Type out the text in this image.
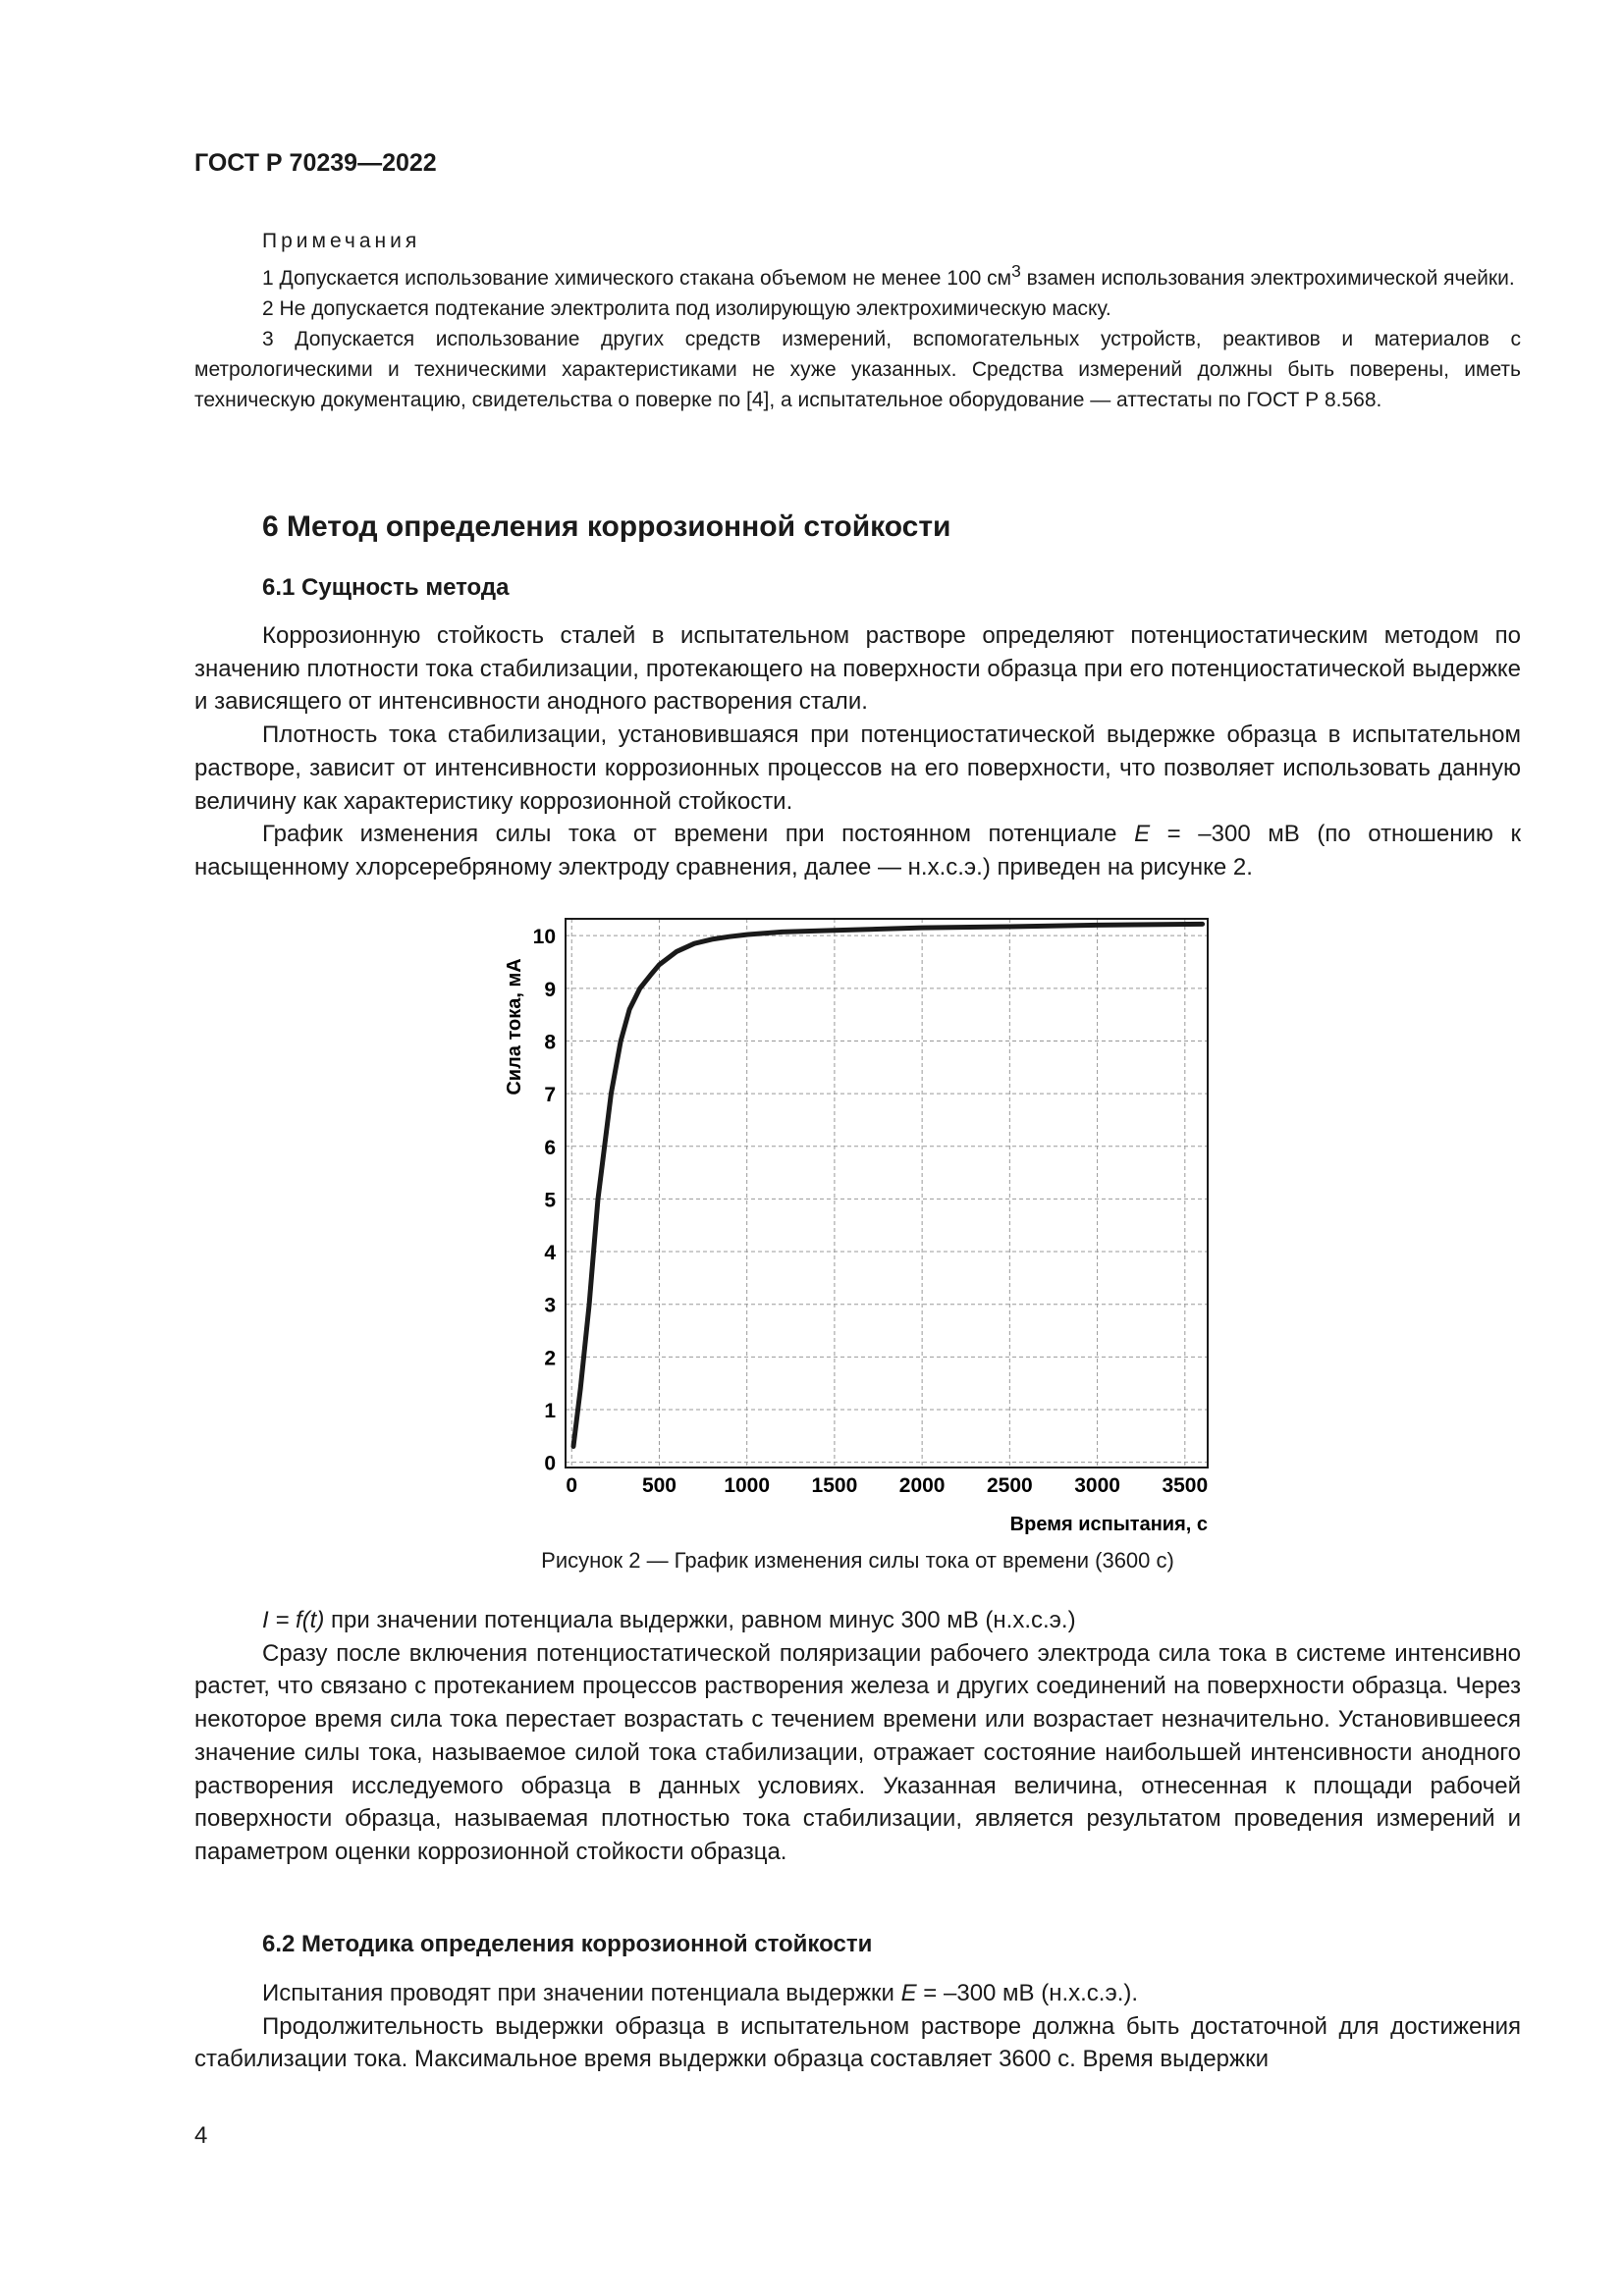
ГОСТ Р 70239—2022

Примечания

1 Допускается использование химического стакана объемом не менее 100 $см^3$ взамен использования электрохимической ячейки.

2 Не допускается подтекание электролита под изолирующую электрохимическую маску.

3 Допускается использование других средств измерений, вспомогательных устройств, реактивов и материалов с метрологическими и техническими характеристиками не хуже указанных. Средства измерений должны быть поверены, иметь техническую документацию, свидетельства о поверке по [4], а испытательное оборудование — аттестаты по ГОСТ Р 8.568.

6 Метод определения коррозионной стойкости
6.1 Сущность метода

Коррозионную стойкость сталей в испытательном растворе определяют потенциостатическим методом по значению плотности тока стабилизации, протекающего на поверхности образца при его потенциостатической выдержке и зависящего от интенсивности анодного растворения стали.

Плотность тока стабилизации, установившаяся при потенциостатической выдержке образца в испытательном растворе, зависит от интенсивности коррозионных процессов на его поверхности, что позволяет использовать данную величину как характеристику коррозионной стойкости.

График изменения силы тока от времени при постоянном потенциале E = –300 мВ (по отношению к насыщенному хлорсеребряному электроду сравнения, далее — н.х.с.э.) приведен на рисунке 2.

0	500 1000 1500 2000 2500 3000 3500
0
1
2
3
4
5
6
7
8
9
10
Время испытания, с
Сила тока, мА
Рисунок 2 — График изменения силы тока от времени (3600 с)

I = f(t) при значении потенциала выдержки, равном минус 300 мВ (н.х.с.э.)

Сразу после включения потенциостатической поляризации рабочего электрода сила тока в системе интенсивно растет, что связано с протеканием процессов растворения железа и других соединений на поверхности образца. Через некоторое время сила тока перестает возрастать с течением времени или возрастает незначительно. Установившееся значение силы тока, называемое силой тока стабилизации, отражает состояние наибольшей интенсивности анодного растворения исследуемого образца в данных условиях. Указанная величина, отнесенная к площади рабочей поверхности образца, называемая плотностью тока стабилизации, является результатом проведения измерений и параметром оценки коррозионной стойкости образца.

6.2 Методика определения коррозионной стойкости

Испытания проводят при значении потенциала выдержки E = –300 мВ (н.х.с.э.).

Продолжительность выдержки образца в испытательном растворе должна быть достаточной для достижения стабилизации тока. Максимальное время выдержки образца составляет 3600 с. Время выдержки

4
